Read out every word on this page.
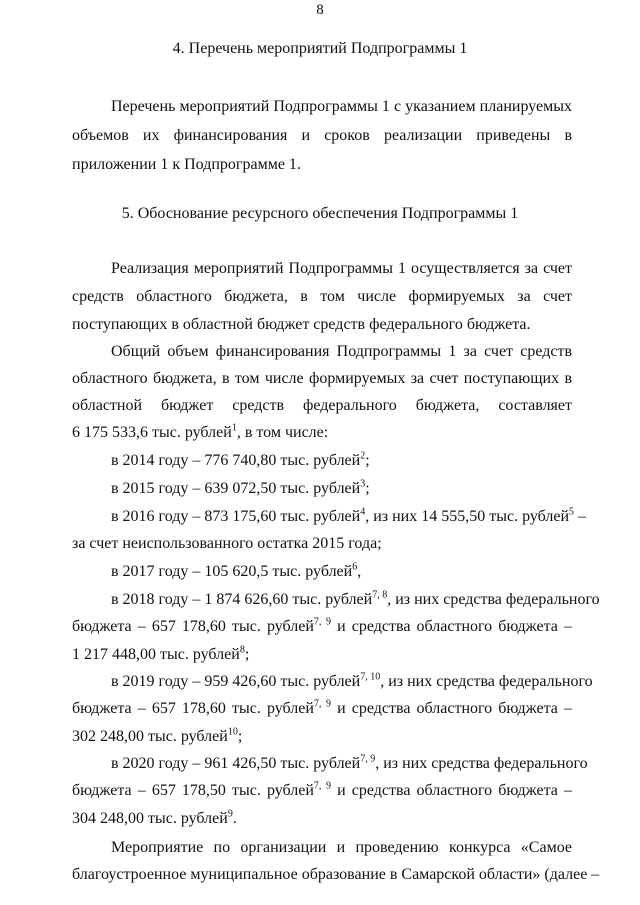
8
4. Перечень мероприятий Подпрограммы 1
Перечень мероприятий Подпрограммы 1 с указанием планируемых
объемов их финансирования и сроков реализации приведены в
приложении 1 к Подпрограмме 1.
5. Обоснование ресурсного обеспечения Подпрограммы 1
Реализация мероприятий Подпрограммы 1 осуществляется за счет
средств областного бюджета, в том числе формируемых за счет
поступающих в областной бюджет средств федерального бюджета.
Общий объем финансирования Подпрограммы 1 за счет средств
областного бюджета, в том числе формируемых за счет поступающих в
областной бюджет средств федерального бюджета, составляет
6 175 533,6 тыс. рублей$^1$, в том числе:
в 2014 году – 776 740,80 тыс. рублей$^2$;
в 2015 году – 639 072,50 тыс. рублей$^3$;
в 2016 году – 873 175,60 тыс. рублей$^4$, из них 14 555,50 тыс. рублей$^5$ –
за счет неиспользованного остатка 2015 года;
в 2017 году – 105 620,5 тыс. рублей$^6$,
в 2018 году – 1 874 626,60 тыс. рублей$^{7, 8}$, из них средства федерального
бюджета – 657 178,60 тыс. рублей$^{7, 9}$ и средства областного бюджета –
1 217 448,00 тыс. рублей$^8$;
в 2019 году – 959 426,60 тыс. рублей$^{7, 10}$, из них средства федерального
бюджета – 657 178,60 тыс. рублей$^{7, 9}$ и средства областного бюджета –
302 248,00 тыс. рублей$^{10}$;
в 2020 году – 961 426,50 тыс. рублей$^{7, 9}$, из них средства федерального
бюджета – 657 178,50 тыс. рублей$^{7, 9}$ и средства областного бюджета –
304 248,00 тыс. рублей$^9$.
Мероприятие по организации и проведению конкурса «Самое
благоустроенное муниципальное образование в Самарской области» (далее –
